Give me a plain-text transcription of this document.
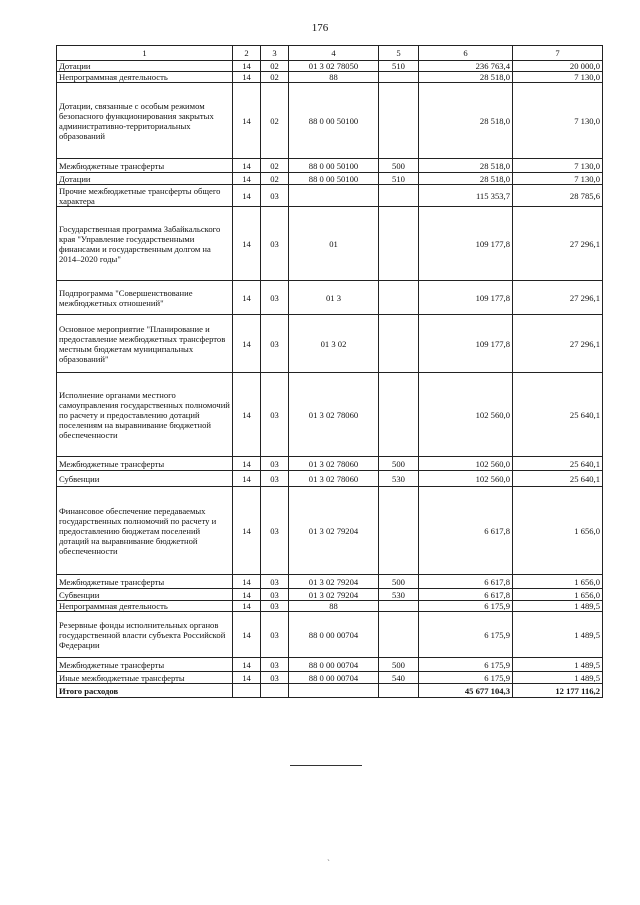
176
1	2	3	4	5	6	7
Дотации	14	02	01 3 02 78050	510	236 763,4	20 000,0
Непрограммная деятельность	14	02	88		28 518,0	7 130,0
Дотации, связанные с особым режимом безопасного функционирования закрытых административно-территориальных образований	14	02	88 0 00 50100		28 518,0	7 130,0
Межбюджетные трансферты	14	02	88 0 00 50100	500	28 518,0	7 130,0
Дотации	14	02	88 0 00 50100	510	28 518,0	7 130,0
Прочие межбюджетные трансферты общего характера	14	03			115 353,7	28 785,6
Государственная программа Забайкальского края "Управление государственными финансами и государственным долгом на 2014–2020 годы"	14	03	01		109 177,8	27 296,1
Подпрограмма "Совершенствование межбюджетных отношений"	14	03	01 3		109 177,8	27 296,1
Основное мероприятие "Планирование и предоставление межбюджетных трансфертов местным бюджетам муниципальных образований"	14	03	01 3 02		109 177,8	27 296,1
Исполнение органами местного самоуправления государственных полномочий по расчету и предоставлению дотаций поселениям на выравнивание бюджетной обеспеченности	14	03	01 3 02 78060		102 560,0	25 640,1
Межбюджетные трансферты	14	03	01 3 02 78060	500	102 560,0	25 640,1
Субвенции	14	03	01 3 02 78060	530	102 560,0	25 640,1
Финансовое обеспечение передаваемых государственных полномочий по расчету и предоставлению бюджетам поселений дотаций на выравнивание бюджетной обеспеченности	14	03	01 3 02 79204		6 617,8	1 656,0
Межбюджетные трансферты	14	03	01 3 02 79204	500	6 617,8	1 656,0
Субвенции	14	03	01 3 02 79204	530	6 617,8	1 656,0
Непрограммная деятельность	14	03	88		6 175,9	1 489,5
Резервные фонды исполнительных органов государственной власти субъекта Российской Федерации	14	03	88 0 00 00704		6 175,9	1 489,5
Межбюджетные трансферты	14	03	88 0 00 00704	500	6 175,9	1 489,5
Иные межбюджетные трансферты	14	03	88 0 00 00704	540	6 175,9	1 489,5
Итого расходов					45 677 104,3	12 177 116,2
`
